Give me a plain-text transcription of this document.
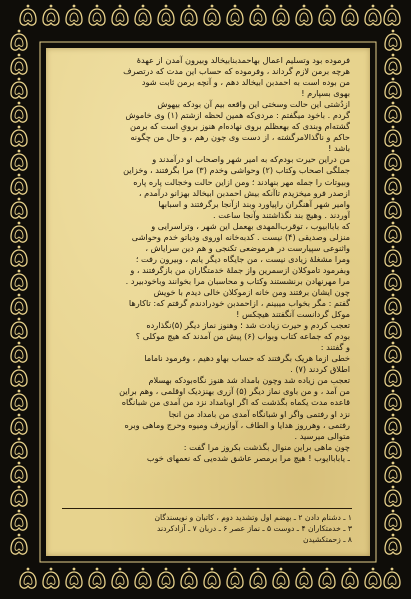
فرموده بود وتسلیم اعمال بهاحمدبنابیخالد وبیرون آمدن از عهدهٔ

هرچه برمن لازم گرداند ، وفرموده که حساب این مدت که درتصرف

من بوده است به احمدبن ابیخالد دهم ، و آنچه برمن ثابت شود

بهوی بسپارم !

ازدُشتی این حالت وسختی این واقعه بیم آن بودکه بیهوش

گردم . باخود میگفتم : مردی‌که همین لحظه ازشتم (۱) وی خاموش

گشته‌ام وبندی که بهعظلم بروی نهاده‌ام هنوز برویِ است که برمن

حاکم و ناگذالامرگشته ، از دست وی چون رهم ، و حال من چگونه

باشد !

من دراین حیرت بودم‌که به امیر شهر واصحاب او درآمدند و

جملگی اصحاب وکتاب (۲) وحواشی وخدم (۳) مرا بگرفتند ، وخزاین

وبیوتات را جمله مهر بنهادند ؛ ومن ازاین حالت وخجالت پاره پاره

ازصدر فرو میخزیدم تاآنکه بیش احمدبن ابیخالد بهزانو درآمدم ،

وامیر شهر آهنگران راپیاورد وبند ازآنجا برگرفتند و اسبابها

آوردند . وهیچ بند نگذاشتند وآنجا ساعت .

که باباابیوب ، توقرب‌المهدی بهعمل این شهر ، وتراسرایی و

منزلی وصدیقی (۴) نیست . کدبه‌خانه اوروی ودیاتو خدم وحواشی

واثنوعی سپیارست در هرموضعی تکنجی و هم دین سرایاش ،

ومرا مشغلهٔ زیادی نیست ، من جایگاه دیگر یابم ، وبیرون رفت ؛

وبفرمود تاموکلان ازسمرین واز جملهٔ خدمتگاران من بازگرفتند ، و

مرا مهرنهادن برنشستند وکتاب و محاسبان مرا بخوانند وباخودبیرد .

چون ایشان برفتند ومن خانه ازموکلان خالی دیدم با خویش

گفتم : مگر بخواب میبینم ، ازاحمدبن خودرادندم گرفتم که: تاکارها

موکل گردانست آنگفتند هیچکس !

تعجب کردم و حیرت زیادت شد ؛ وهنوز نماز دیگر (۵)نگذارده

بودم که جماعه کتاب وبواب (۶) پیش من آمدند که هیچ موکلی ؟

و گفتند :

خطی ازما هریک بگرفتند که حساب بهاو دهیم ، وفرمود ناماما

اطلاق کردند (۷) .

تعجب من زیاده شد وچون بامداد شد هنوز نگاه‌بودکه بهسلام

من آمد ، و من باوی نماز دیگر (۵) آزری بهنزدیک اوقلمی ، وهم براین

قاعده مدت یکماه بگذشت که اگر اوبامداد نزد من آمدی من شبانگاه

نزد او رفتمی واگر او شبانگاه آمدی من بامداد من انجا

رفتمی ، وهرروز هدایا و الطاف ، آوازیرف ومیوه وحرج وماهی وبره

متوالی میرسید .

چون ماهی براین منوال بگذشت بکروز مرا گفت :

ـ ياباباايوب ! هيچ مرا برمصر عاشق شده‌یی که نعمهای خوب

۱ ـ دشنام دادن ۲ ـ بهضم اول وتشدید دوم ، کاتبان و نویسندگان
۳ ـ خدمتکاران ۴ ـ دوست ۵ ـ نماز عصر ۶ ـ دربان ۷ ـ آزادکردند
۸ ـ زحمتکشیدن
